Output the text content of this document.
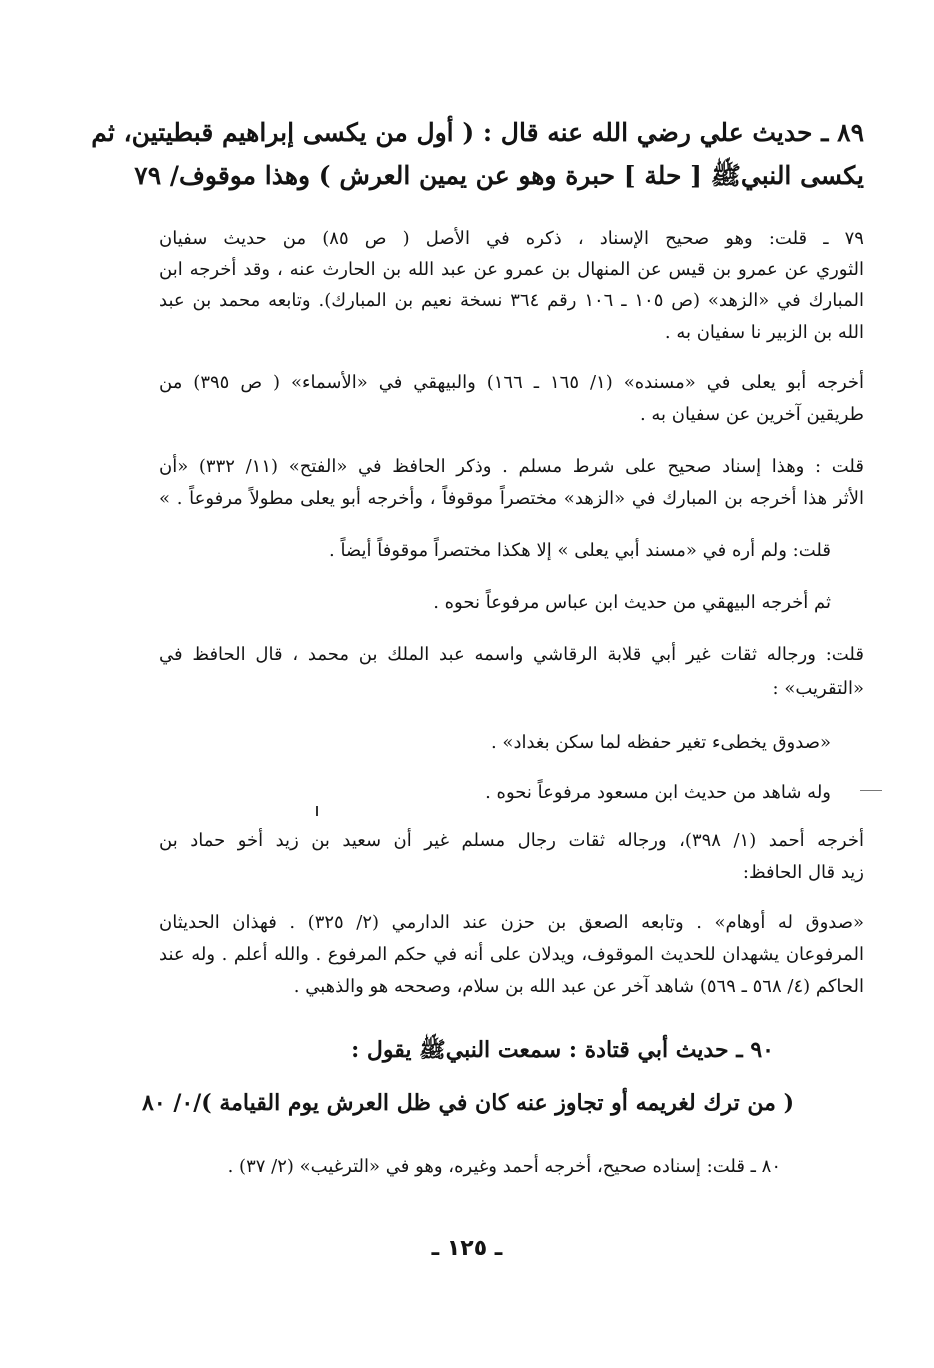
٨٩ ـ حديث علي رضي الله عنه قال : ( أول من يكسى إبراهيم قبطيتين، ثم
يكسى النبيﷺ [ حلة ] حبرة وهو عن يمين العرش ) وهذا موقوف/ ٧٩
٧٩ ـ قلت: وهو صحيح الإسناد ، ذكره في الأصل ( ص ٨٥) من حديث سفيان
الثوري عن عمرو بن قيس عن المنهال بن عمرو عن عبد الله بن الحارث عنه ، وقد أخرجه ابن
المبارك في «الزهد» (ص ١٠٥ ـ ١٠٦ رقم ٣٦٤ نسخة نعيم بن المبارك). وتابعه محمد بن عبد
الله بن الزبير نا سفيان به .
أخرجه أبو يعلى في «مسنده» (١/ ١٦٥ ـ ١٦٦) والبيهقي في «الأسماء» ( ص ٣٩٥) من
طريقين آخرين عن سفيان به .
قلت : وهذا إسناد صحيح على شرط مسلم . وذكر الحافظ في «الفتح» (١١/ ٣٣٢) «أن
الأثر هذا أخرجه بن المبارك في «الزهد» مختصراً موقوفاً ، وأخرجه أبو يعلى مطولاً مرفوعاً . »
قلت: ولم أره في «مسند أبي يعلى » إلا هكذا مختصراً موقوفاً أيضاً .
ثم أخرجه البيهقي من حديث ابن عباس مرفوعاً نحوه .
قلت: ورجاله ثقات غير أبي قلابة الرقاشي واسمه عبد الملك بن محمد ، قال الحافظ في
«التقريب» :
«صدوق يخطىء تغير حفظه لما سكن بغداد» .
وله شاهد من حديث ابن مسعود مرفوعاً نحوه .
أخرجه أحمد (١/ ٣٩٨)، ورجاله ثقات رجال مسلم غير أن سعيد بن زيد أخو حماد بن
زيد قال الحافظ:
«صدوق له أوهام» . وتابعه الصعق بن حزن عند الدارمي (٢/ ٣٢٥) . فهذان الحديثان
المرفوعان يشهدان للحديث الموقوف، ويدلان على أنه في حكم المرفوع . والله أعلم . وله عند
الحاكم (٤/ ٥٦٨ ـ ٥٦٩) شاهد آخر عن عبد الله بن سلام، وصححه هو والذهبي .
٩٠ ـ حديث أبي قتادة : سمعت النبيﷺ يقول :
( من ترك لغريمه أو تجاوز عنه كان في ظل العرش يوم القيامة )/٠/ ٨٠
٨٠ ـ قلت: إسناده صحيح، أخرجه أحمد وغيره، وهو في «الترغيب» (٢/ ٣٧) .
ـ ١٢٥ ـ
